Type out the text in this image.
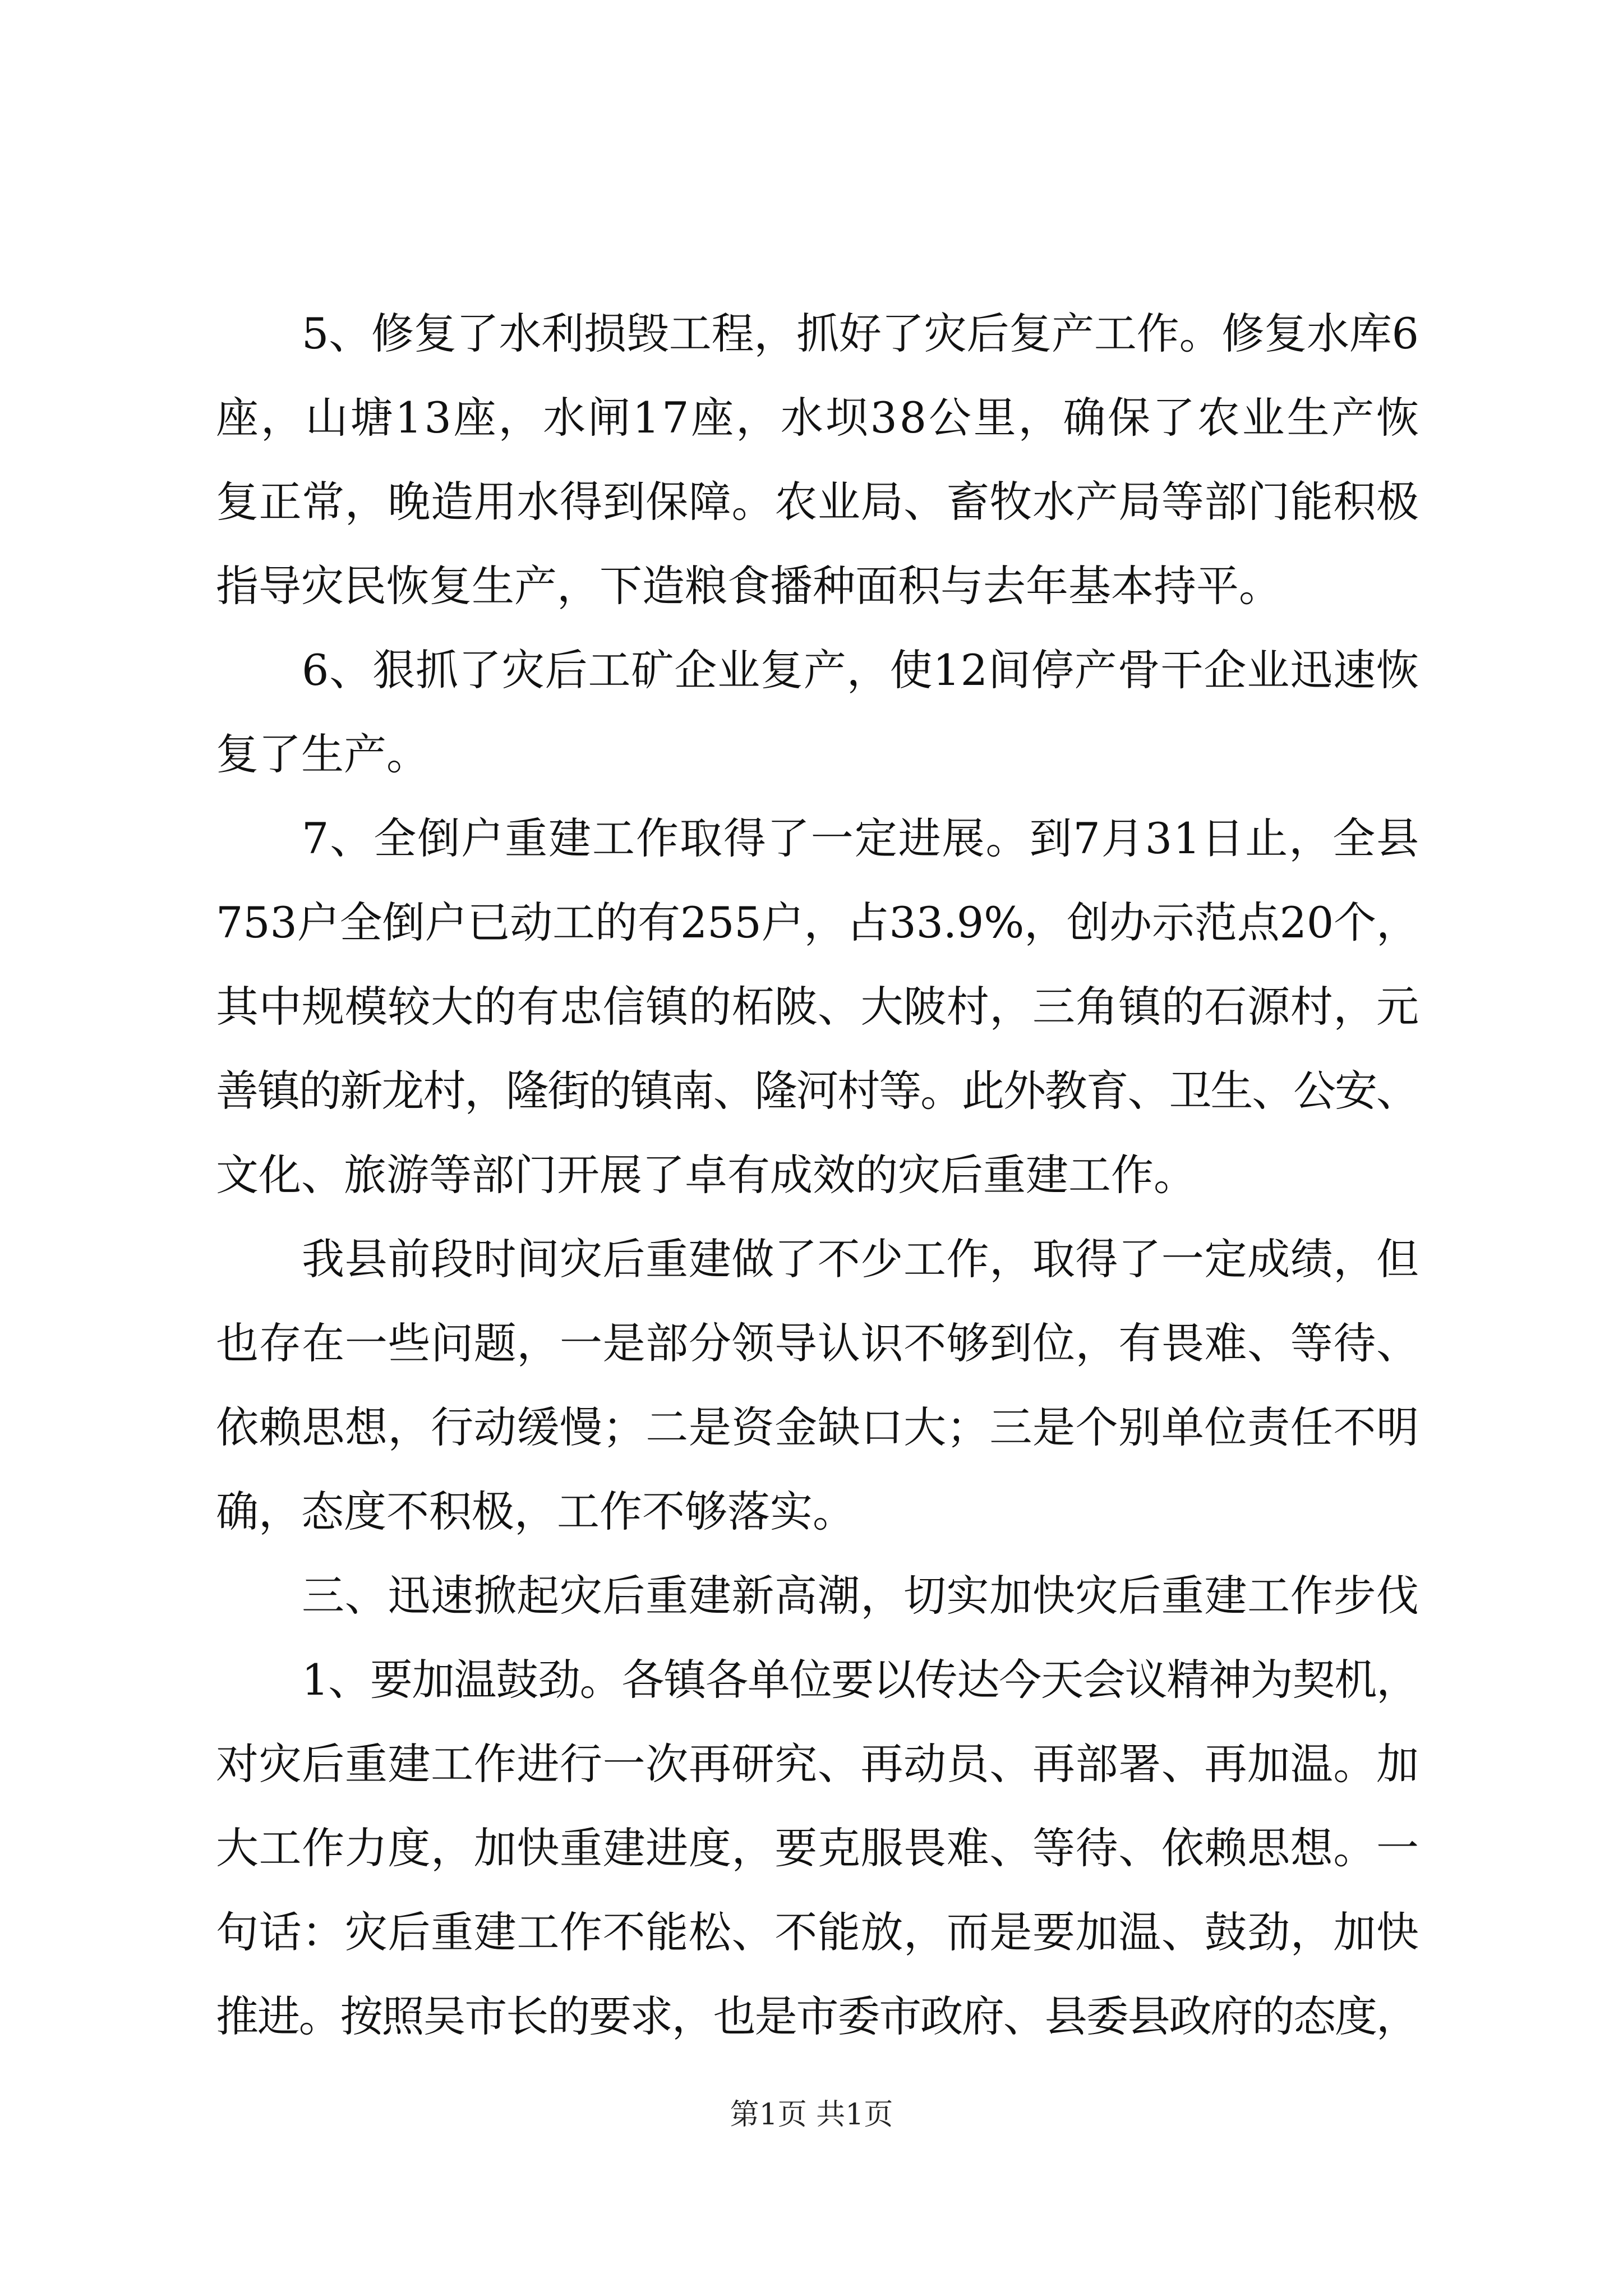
5、修复了水利损毁工程，抓好了灾后复产工作。修复水库6
座，山塘13座，水闸17座，水坝38公里，确保了农业生产恢
复正常，晚造用水得到保障。农业局、畜牧水产局等部门能积极
指导灾民恢复生产，下造粮食播种面积与去年基本持平。
6、狠抓了灾后工矿企业复产，使12间停产骨干企业迅速恢
复了生产。
7、全倒户重建工作取得了一定进展。到7月31日止，全县
753户全倒户已动工的有255户，占33.9%，创办示范点20个，
其中规模较大的有忠信镇的柘陂、大陂村，三角镇的石源村，元
善镇的新龙村，隆街的镇南、隆河村等。此外教育、卫生、公安、
文化、旅游等部门开展了卓有成效的灾后重建工作。
我县前段时间灾后重建做了不少工作，取得了一定成绩，但
也存在一些问题，一是部分领导认识不够到位，有畏难、等待、
依赖思想，行动缓慢；二是资金缺口大；三是个别单位责任不明
确，态度不积极，工作不够落实。
三、迅速掀起灾后重建新高潮，切实加快灾后重建工作步伐
1、要加温鼓劲。各镇各单位要以传达今天会议精神为契机，
对灾后重建工作进行一次再研究、再动员、再部署、再加温。加
大工作力度，加快重建进度，要克服畏难、等待、依赖思想。一
句话：灾后重建工作不能松、不能放，而是要加温、鼓劲，加快
推进。按照吴市长的要求，也是市委市政府、县委县政府的态度，
第1页 共1页
